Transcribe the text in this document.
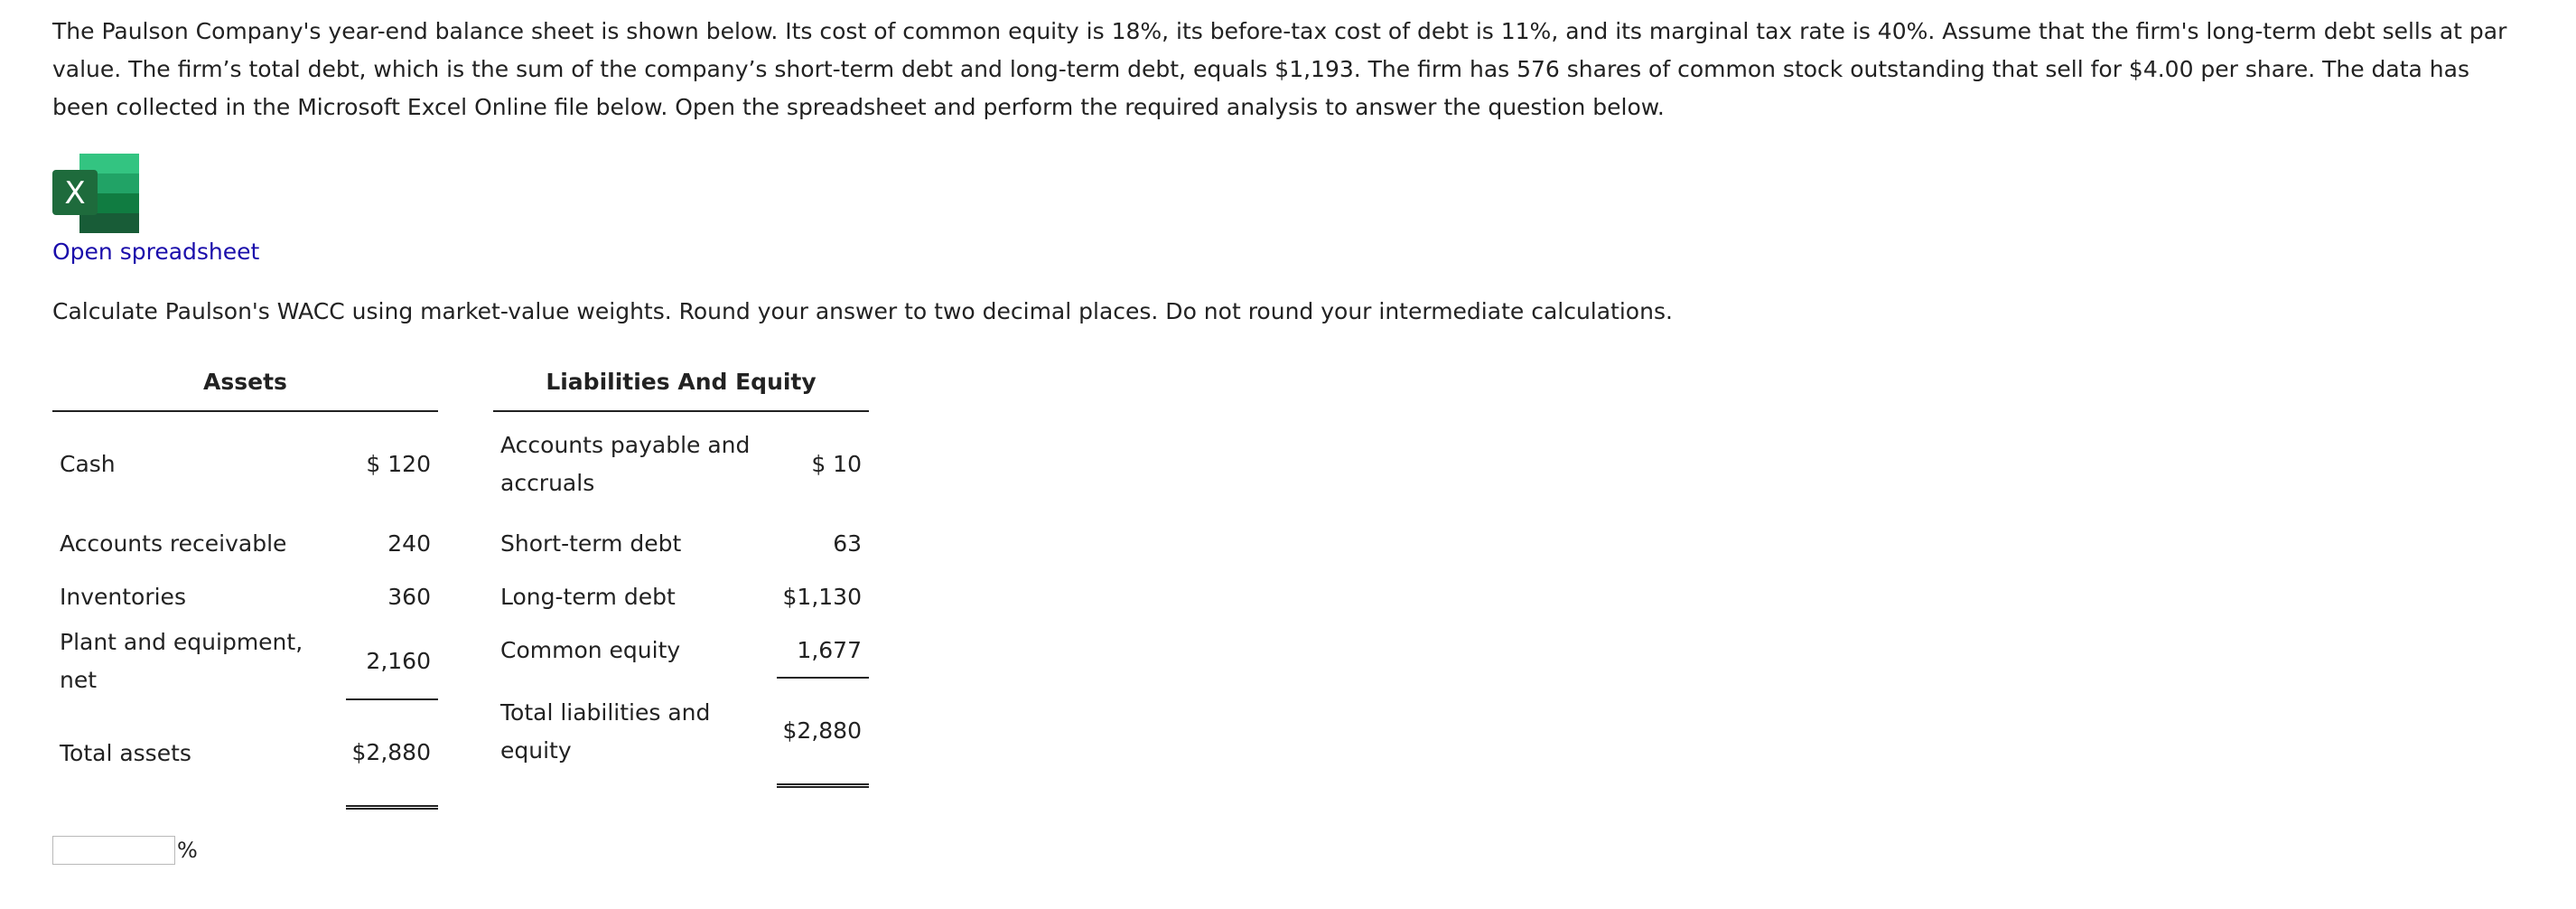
The Paulson Company's year-end balance sheet is shown below. Its cost of common equity is 18%, its before-tax cost of debt is 11%, and its marginal tax rate is 40%. Assume that the firm's long-term debt sells at par value. The firm’s total debt, which is the sum of the company’s short-term debt and long-term debt, equals $1,193. The firm has 576 shares of common stock outstanding that sell for $4.00 per share. The data has been collected in the Microsoft Excel Online file below. Open the spreadsheet and perform the required analysis to answer the question below.

X
Open spreadsheet

Calculate Paulson's WACC using market-value weights. Round your answer to two decimal places. Do not round your intermediate calculations.

Assets	
Cash	$ 120
Accounts receivable	240
Inventories	360
Plant and equipment, net	2,160
Total assets	$2,880
Liabilities And Equity	
Accounts payable and accruals	$ 10
Short-term debt	63
Long-term debt	$1,130
Common equity	1,677
Total liabilities and equity	$2,880
%
